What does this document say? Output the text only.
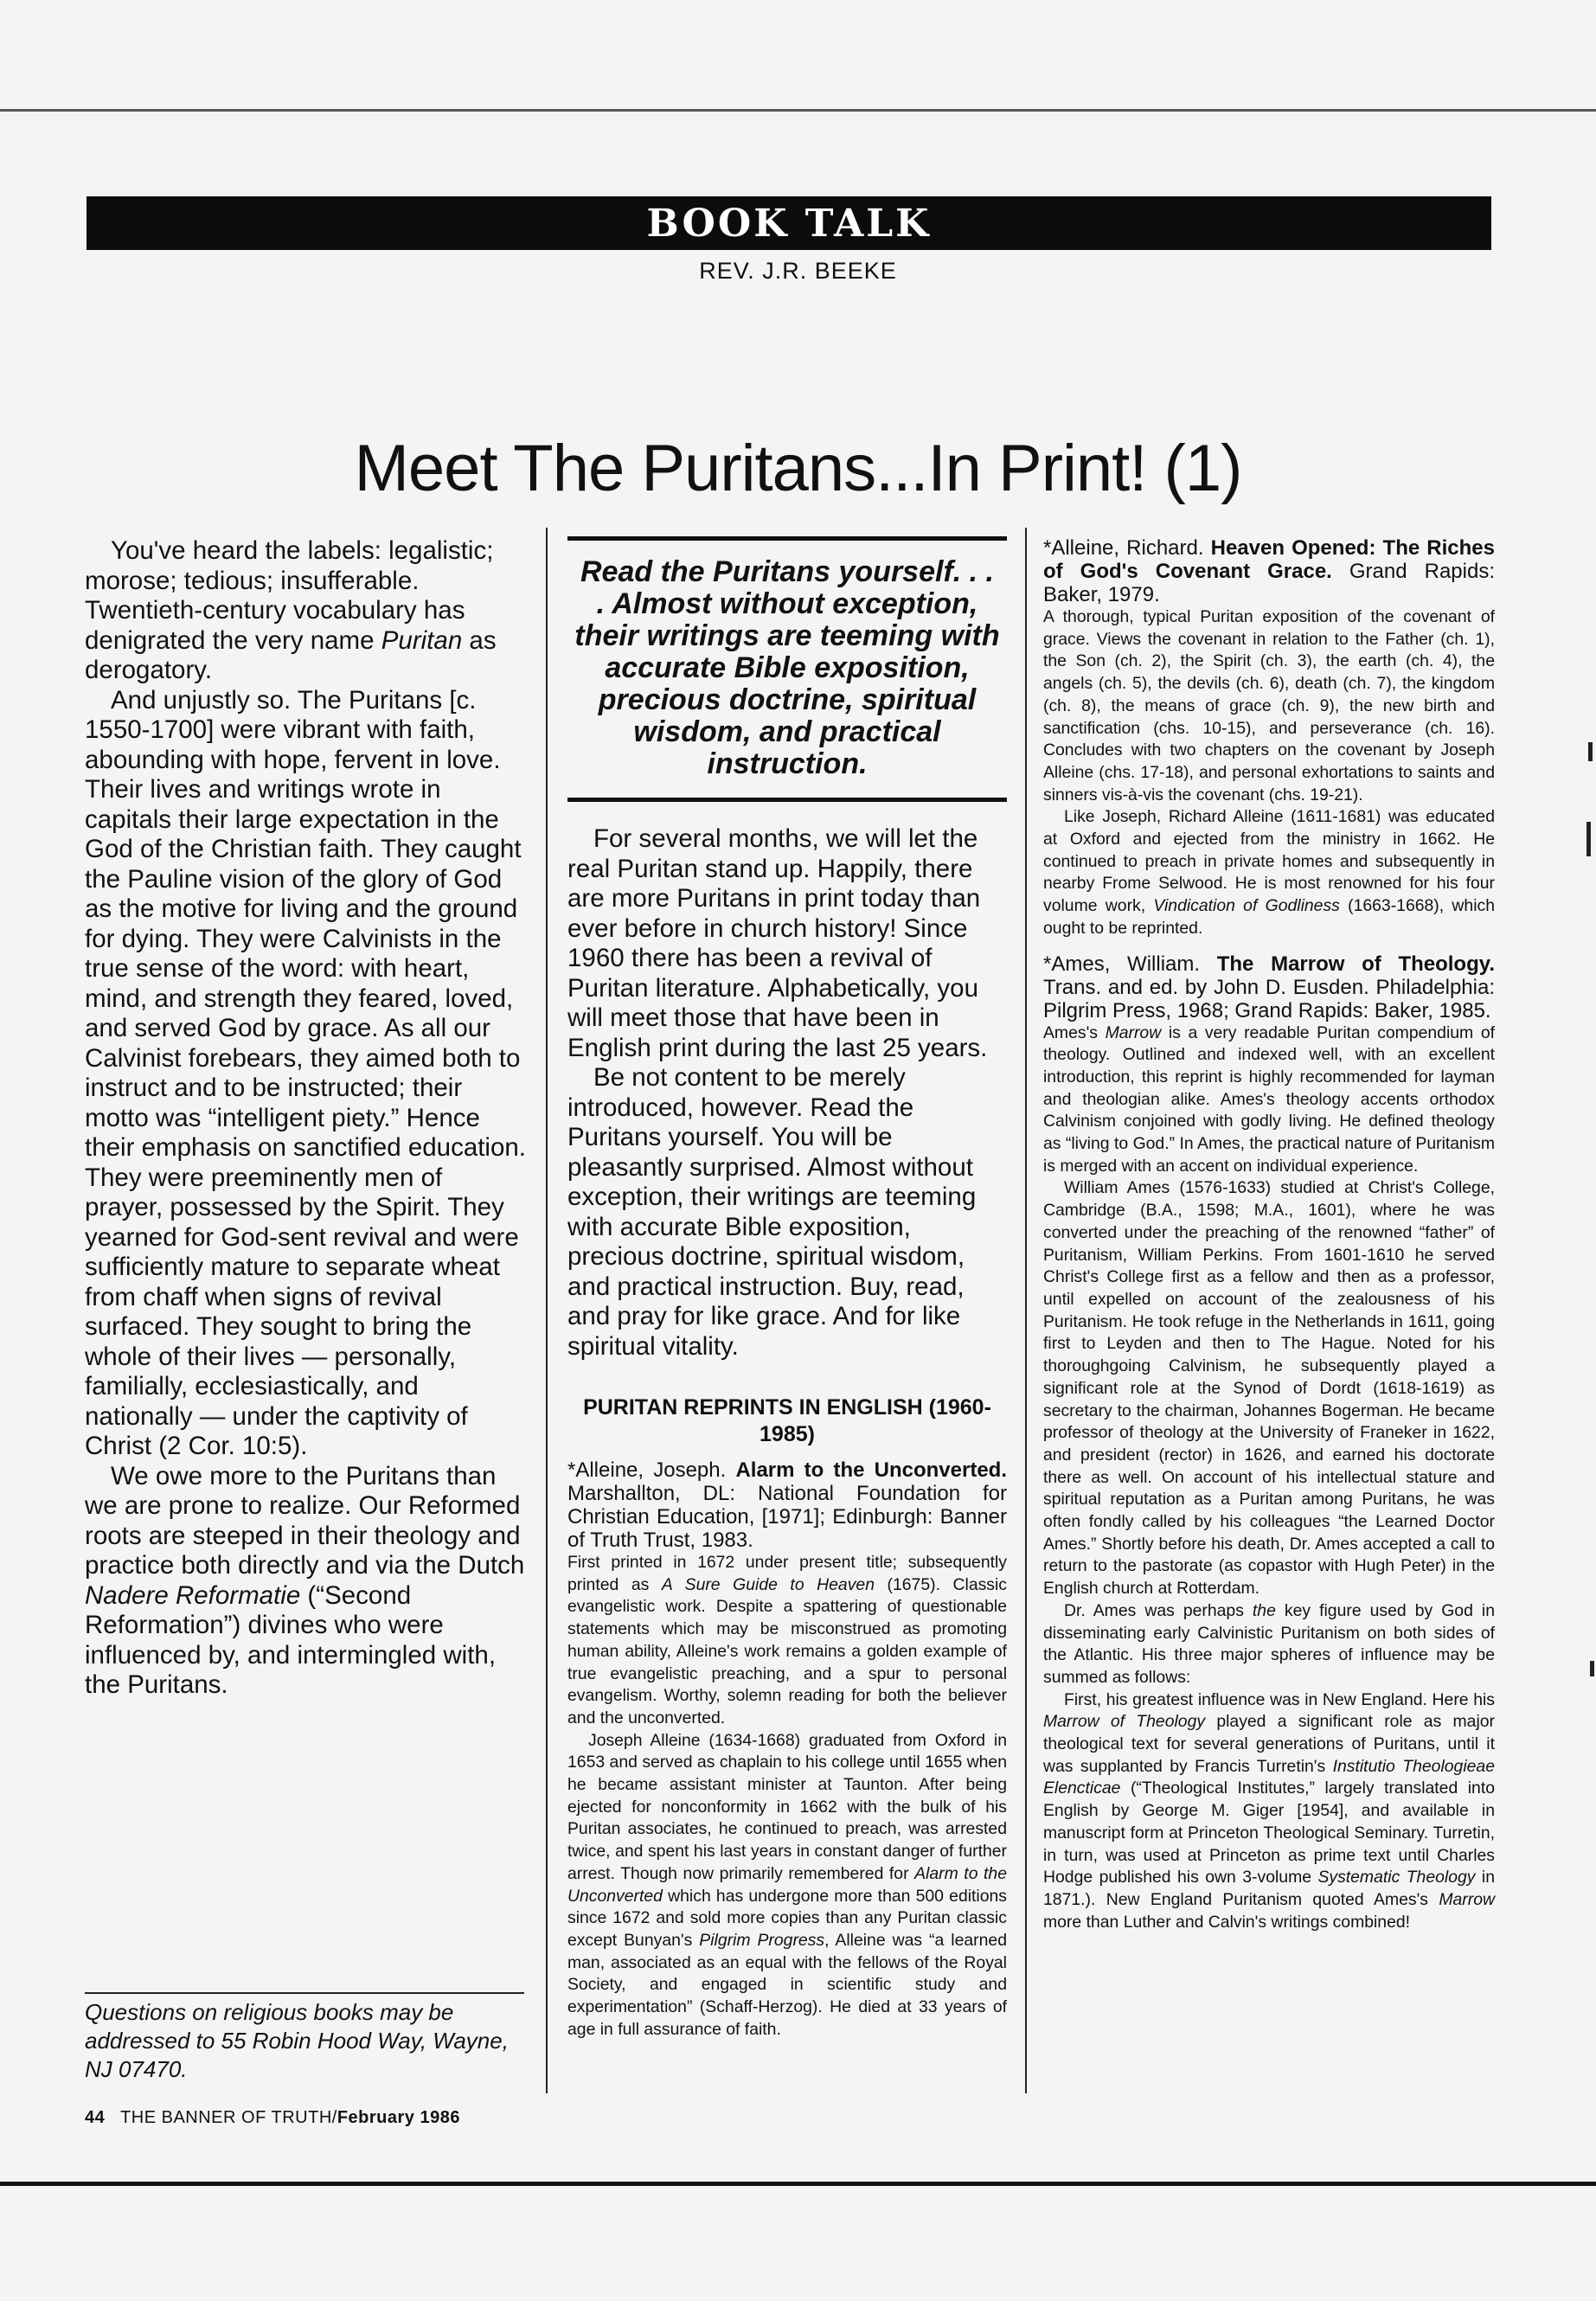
BOOK TALK
REV. J.R. BEEKE
Meet The Puritans...In Print! (1)

You've heard the labels: legalistic; morose; tedious; insufferable. Twentieth-century vocabulary has denigrated the very name Puritan as derogatory.

And unjustly so. The Puritans [c. 1550-1700] were vibrant with faith, abounding with hope, fervent in love. Their lives and writings wrote in capitals their large expectation in the God of the Christian faith. They caught the Pauline vision of the glory of God as the motive for living and the ground for dying. They were Calvinists in the true sense of the word: with heart, mind, and strength they feared, loved, and served God by grace. As all our Calvinist forebears, they aimed both to instruct and to be instructed; their motto was “intelligent piety.” Hence their emphasis on sanctified education. They were preeminently men of prayer, possessed by the Spirit. They yearned for God-sent revival and were sufficiently mature to separate wheat from chaff when signs of revival surfaced. They sought to bring the whole of their lives — personally, familially, ecclesiastically, and nationally — under the captivity of Christ (2 Cor. 10:5).

We owe more to the Puritans than we are prone to realize. Our Reformed roots are steeped in their theology and practice both directly and via the Dutch Nadere Reformatie (“Second Reformation”) divines who were influenced by, and intermingled with, the Puritans.

Questions on religious books may be addressed to 55 Robin Hood Way, Wayne, NJ 07470.
Read the Puritans yourself. . . . Almost without exception, their writings are teeming with accurate Bible exposition, precious doctrine, spiritual wisdom, and practical instruction.

For several months, we will let the real Puritan stand up. Happily, there are more Puritans in print today than ever before in church history! Since 1960 there has been a revival of Puritan literature. Alphabetically, you will meet those that have been in English print during the last 25 years.

Be not content to be merely introduced, however. Read the Puritans yourself. You will be pleasantly surprised. Almost without exception, their writings are teeming with accurate Bible exposition, precious doctrine, spiritual wisdom, and practical instruction. Buy, read, and pray for like grace. And for like spiritual vitality.

PURITAN REPRINTS IN ENGLISH (1960-1985)

*Alleine, Joseph. Alarm to the Unconverted. Marshallton, DL: National Foundation for Christian Education, [1971]; Edinburgh: Banner of Truth Trust, 1983.

First printed in 1672 under present title; subsequently printed as A Sure Guide to Heaven (1675). Classic evangelistic work. Despite a spattering of questionable statements which may be misconstrued as promoting human ability, Alleine's work remains a golden example of true evangelistic preaching, and a spur to personal evangelism. Worthy, solemn reading for both the believer and the unconverted.

Joseph Alleine (1634-1668) graduated from Oxford in 1653 and served as chaplain to his college until 1655 when he became assistant minister at Taunton. After being ejected for nonconformity in 1662 with the bulk of his Puritan associates, he continued to preach, was arrested twice, and spent his last years in constant danger of further arrest. Though now primarily remembered for Alarm to the Unconverted which has undergone more than 500 editions since 1672 and sold more copies than any Puritan classic except Bunyan's Pilgrim Progress, Alleine was “a learned man, associated as an equal with the fellows of the Royal Society, and engaged in scientific study and experimentation” (Schaff-Herzog). He died at 33 years of age in full assurance of faith.

*Alleine, Richard. Heaven Opened: The Riches of God's Covenant Grace. Grand Rapids: Baker, 1979.

A thorough, typical Puritan exposition of the covenant of grace. Views the covenant in relation to the Father (ch. 1), the Son (ch. 2), the Spirit (ch. 3), the earth (ch. 4), the angels (ch. 5), the devils (ch. 6), death (ch. 7), the kingdom (ch. 8), the means of grace (ch. 9), the new birth and sanctification (chs. 10-15), and perseverance (ch. 16). Concludes with two chapters on the covenant by Joseph Alleine (chs. 17-18), and personal exhortations to saints and sinners vis-à-vis the covenant (chs. 19-21).

Like Joseph, Richard Alleine (1611-1681) was educated at Oxford and ejected from the ministry in 1662. He continued to preach in private homes and subsequently in nearby Frome Selwood. He is most renowned for his four volume work, Vindication of Godliness (1663-1668), which ought to be reprinted.

*Ames, William. The Marrow of Theology. Trans. and ed. by John D. Eusden. Philadelphia: Pilgrim Press, 1968; Grand Rapids: Baker, 1985.

Ames's Marrow is a very readable Puritan compendium of theology. Outlined and indexed well, with an excellent introduction, this reprint is highly recommended for layman and theologian alike. Ames's theology accents orthodox Calvinism conjoined with godly living. He defined theology as “living to God.” In Ames, the practical nature of Puritanism is merged with an accent on individual experience.

William Ames (1576-1633) studied at Christ's College, Cambridge (B.A., 1598; M.A., 1601), where he was converted under the preaching of the renowned “father” of Puritanism, William Perkins. From 1601-1610 he served Christ's College first as a fellow and then as a professor, until expelled on account of the zealousness of his Puritanism. He took refuge in the Netherlands in 1611, going first to Leyden and then to The Hague. Noted for his thoroughgoing Calvinism, he subsequently played a significant role at the Synod of Dordt (1618-1619) as secretary to the chairman, Johannes Bogerman. He became professor of theology at the University of Franeker in 1622, and president (rector) in 1626, and earned his doctorate there as well. On account of his intellectual stature and spiritual reputation as a Puritan among Puritans, he was often fondly called by his colleagues “the Learned Doctor Ames.” Shortly before his death, Dr. Ames accepted a call to return to the pastorate (as copastor with Hugh Peter) in the English church at Rotterdam.

Dr. Ames was perhaps the key figure used by God in disseminating early Calvinistic Puritanism on both sides of the Atlantic. His three major spheres of influence may be summed as follows:

First, his greatest influence was in New England. Here his Marrow of Theology played a significant role as major theological text for several generations of Puritans, until it was supplanted by Francis Turretin's Institutio Theologieae Elencticae (“Theological Institutes,” largely translated into English by George M. Giger [1954], and available in manuscript form at Princeton Theological Seminary. Turretin, in turn, was used at Princeton as prime text until Charles Hodge published his own 3-volume Systematic Theology in 1871.). New England Puritanism quoted Ames's Marrow more than Luther and Calvin's writings combined!

44 THE BANNER OF TRUTH/February 1986
